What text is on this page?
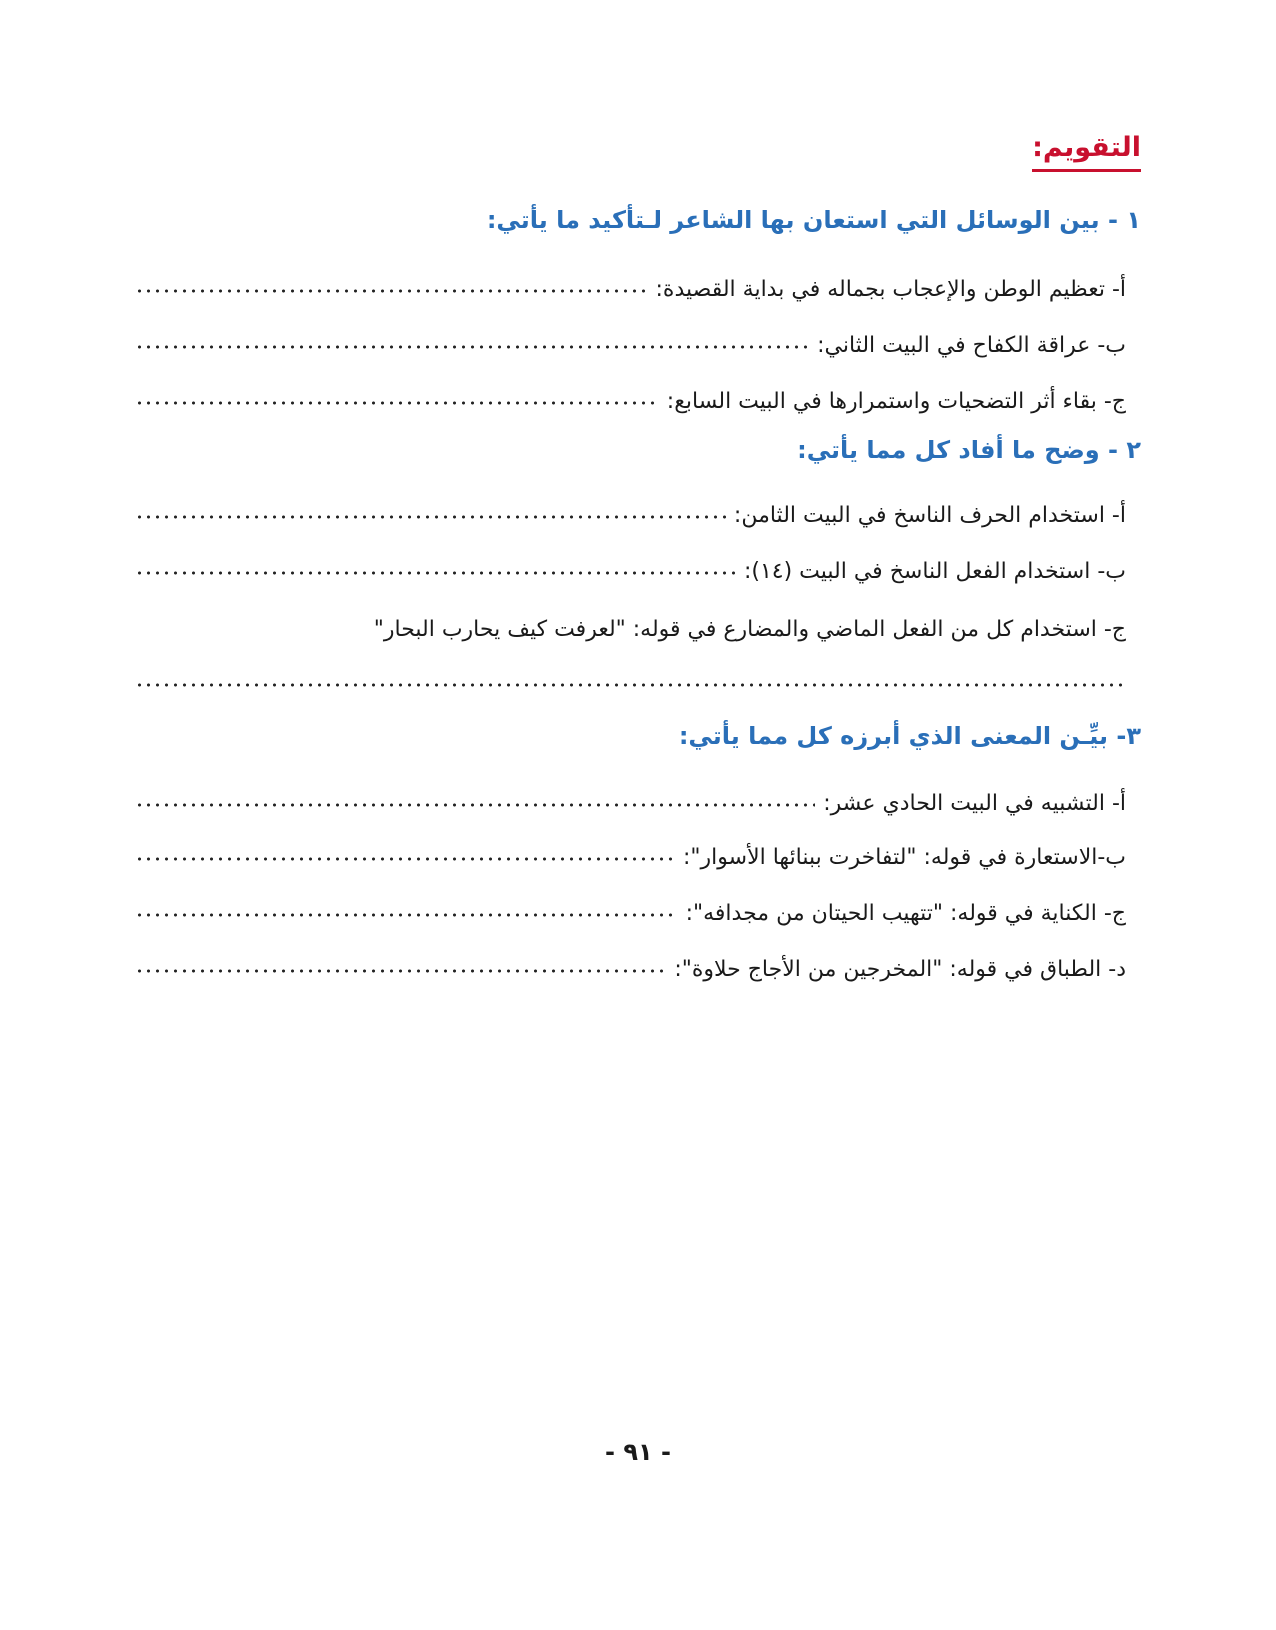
التقويم:
١ - بين الوسائل التي استعان بها الشاعر لـتأكيد ما يأتي:
أ- تعظيم الوطن والإعجاب بجماله في بداية القصيدة:
ب- عراقة الكفاح في البيت الثاني:
ج- بقاء أثر التضحيات واستمرارها في البيت السابع:
٢ - وضح ما أفاد كل مما يأتي:
أ- استخدام الحرف الناسخ في البيت الثامن:
ب- استخدام الفعل الناسخ في البيت (١٤):
ج- استخدام كل من الفعل الماضي والمضارع في قوله: "لعرفت كيف يحارب البحار"
٣- بيِّـن المعنى الذي أبرزه كل مما يأتي:
أ- التشبيه في البيت الحادي عشر:
ب-الاستعارة في قوله: "لتفاخرت ببنائها الأسوار":
ج- الكناية في قوله: "تتهيب الحيتان من مجدافه":
د- الطباق في قوله: "المخرجين من الأجاج حلاوة":
- ٩١ -
